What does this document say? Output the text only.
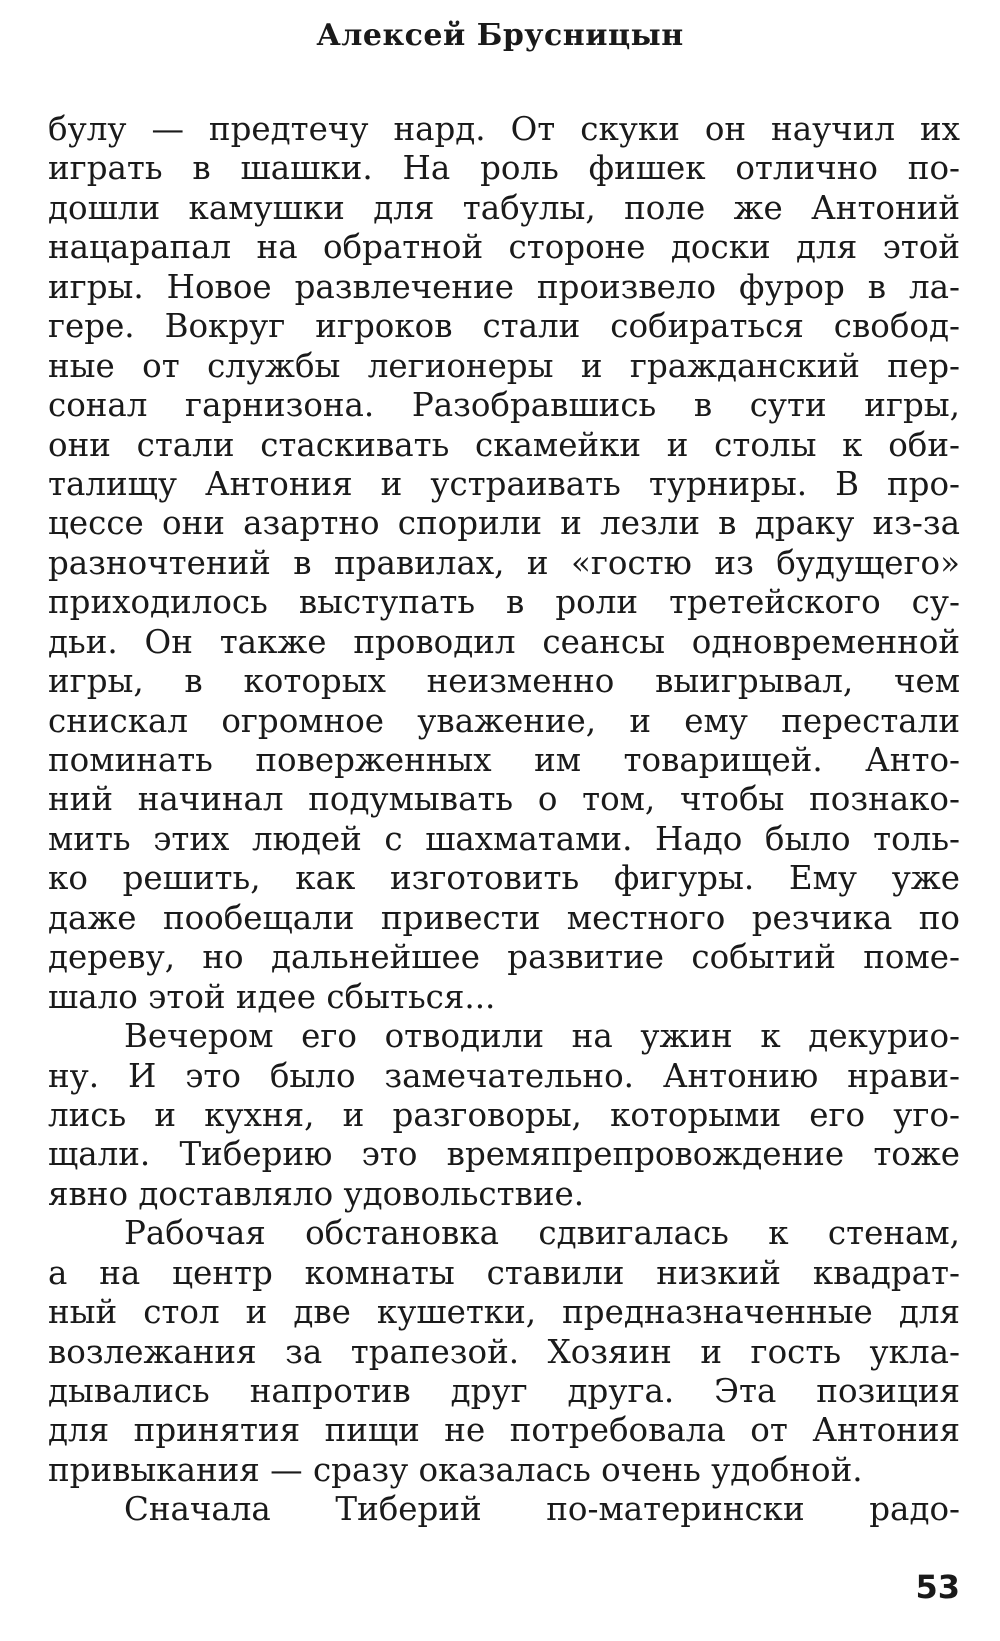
Алексей Брусницын
булу — предтечу нард. От скуки он научил их
играть в шашки. На роль фишек отлично по-
дошли камушки для табулы, поле же Антоний
нацарапал на обратной стороне доски для этой
игры. Новое развлечение произвело фурор в ла-
гере. Вокруг игроков стали собираться свобод-
ные от службы легионеры и гражданский пер-
сонал гарнизона. Разобравшись в сути игры,
они стали стаскивать скамейки и столы к оби-
талищу Антония и устраивать турниры. В про-
цессе они азартно спорили и лезли в драку из-за
разночтений в правилах, и «гостю из будущего»
приходилось выступать в роли третейского су-
дьи. Он также проводил сеансы одновременной
игры, в которых неизменно выигрывал, чем
снискал огромное уважение, и ему перестали
поминать поверженных им товарищей. Анто-
ний начинал подумывать о том, чтобы познако-
мить этих людей с шахматами. Надо было толь-
ко решить, как изготовить фигуры. Ему уже
даже пообещали привести местного резчика по
дереву, но дальнейшее развитие событий поме-
шало этой идее сбыться...
Вечером его отводили на ужин к декурио-
ну. И это было замечательно. Антонию нрави-
лись и кухня, и разговоры, которыми его уго-
щали. Тиберию это времяпрепровождение тоже
явно доставляло удовольствие.
Рабочая обстановка сдвигалась к стенам,
а на центр комнаты ставили низкий квадрат-
ный стол и две кушетки, предназначенные для
возлежания за трапезой. Хозяин и гость укла-
дывались напротив друг друга. Эта позиция
для принятия пищи не потребовала от Антония
привыкания — сразу оказалась очень удобной.
Сначала Тиберий по-матерински радо-
53
